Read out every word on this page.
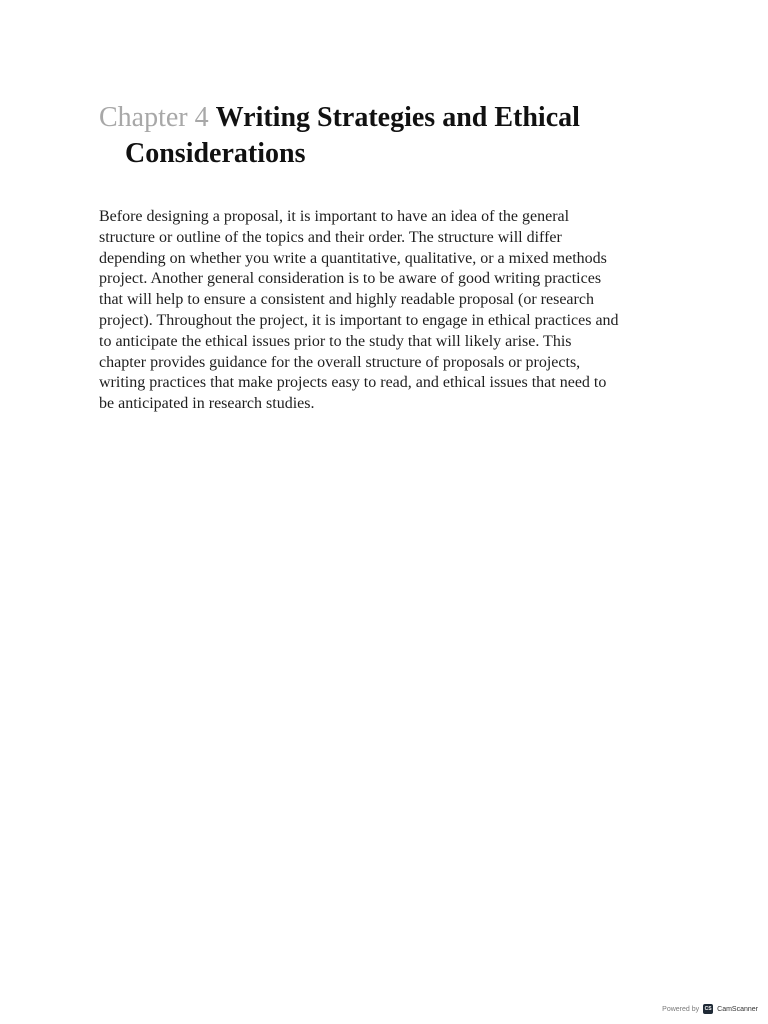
Chapter 4 Writing Strategies and Ethical
Considerations

Before designing a proposal, it is important to have an idea of the general
structure or outline of the topics and their order. The structure will differ
depending on whether you write a quantitative, qualitative, or a mixed methods
project. Another general consideration is to be aware of good writing practices
that will help to ensure a consistent and highly readable proposal (or research
project). Throughout the project, it is important to engage in ethical practices and
to anticipate the ethical issues prior to the study that will likely arise. This
chapter provides guidance for the overall structure of proposals or projects,
writing practices that make projects easy to read, and ethical issues that need to
be anticipated in research studies.

Powered by	CS CamScanner
